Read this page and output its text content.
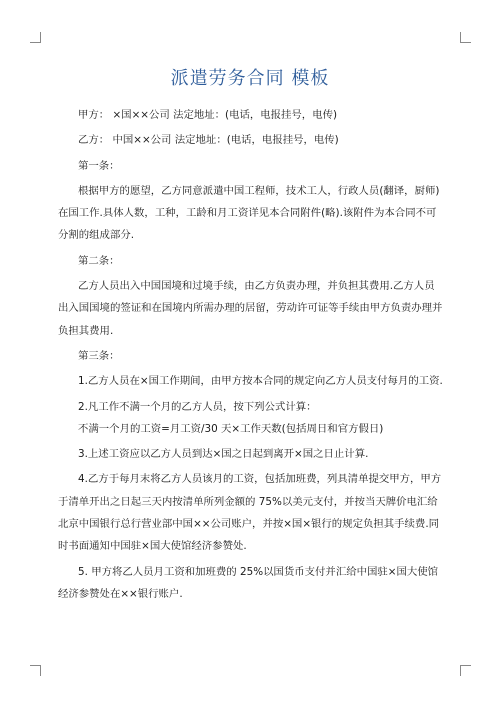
派遣劳务合同 模板

甲方： ×国××公司 法定地址：(电话，电报挂号，电传)

乙方： 中国××公司 法定地址：(电话，电报挂号，电传)

第一条：

根据甲方的愿望，乙方同意派遣中国工程师，技术工人，行政人员(翻译，厨师)在国工作.具体人数，工种，工龄和月工资详见本合同附件(略).该附件为本合同不可分割的组成部分.

第二条：

乙方人员出入中国国境和过境手续，由乙方负责办理，并负担其费用.乙方人员出入国国境的签证和在国境内所需办理的居留，劳动许可证等手续由甲方负责办理并负担其费用.

第三条：

1.乙方人员在×国工作期间，由甲方按本合同的规定向乙方人员支付每月的工资.

2.凡工作不满一个月的乙方人员，按下列公式计算：

不满一个月的工资=月工资/30 天×工作天数(包括周日和官方假日)

3.上述工资应以乙方人员到达×国之日起到离开×国之日止计算.

4.乙方于每月末将乙方人员该月的工资，包括加班费，列具清单提交甲方，甲方于清单开出之日起三天内按清单所列金额的 75%以美元支付，并按当天牌价电汇给北京中国银行总行营业部中国××公司账户，并按×国×银行的规定负担其手续费.同时书面通知中国驻×国大使馆经济参赞处.

5. 甲方将乙人员月工资和加班费的 25%以国货币支付并汇给中国驻×国大使馆经济参赞处在××银行账户.
